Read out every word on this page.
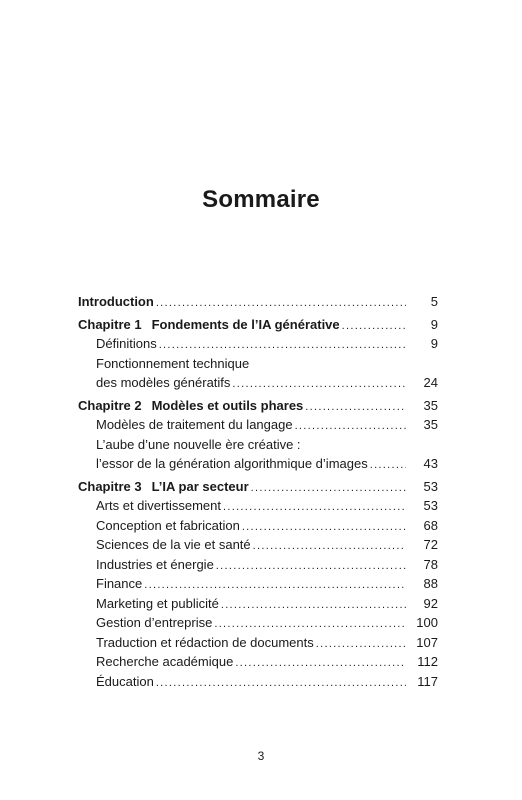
Sommaire
Introduction .....	5
Chapitre 1 Fondements de l’IA générative .....	9
Définitions .....	9
Fonctionnement technique
des modèles génératifs .....	24
Chapitre 2 Modèles et outils phares .....	35
Modèles de traitement du langage .....	35
L’aube d’une nouvelle ère créative :
l’essor de la génération algorithmique d’images .....	43
Chapitre 3 L’IA par secteur .....	53
Arts et divertissement .....	53
Conception et fabrication .....	68
Sciences de la vie et santé .....	72
Industries et énergie .....	78
Finance .....	88
Marketing et publicité .....	92
Gestion d’entreprise .....	100
Traduction et rédaction de documents .....	107
Recherche académique .....	112
Éducation .....	117
3
